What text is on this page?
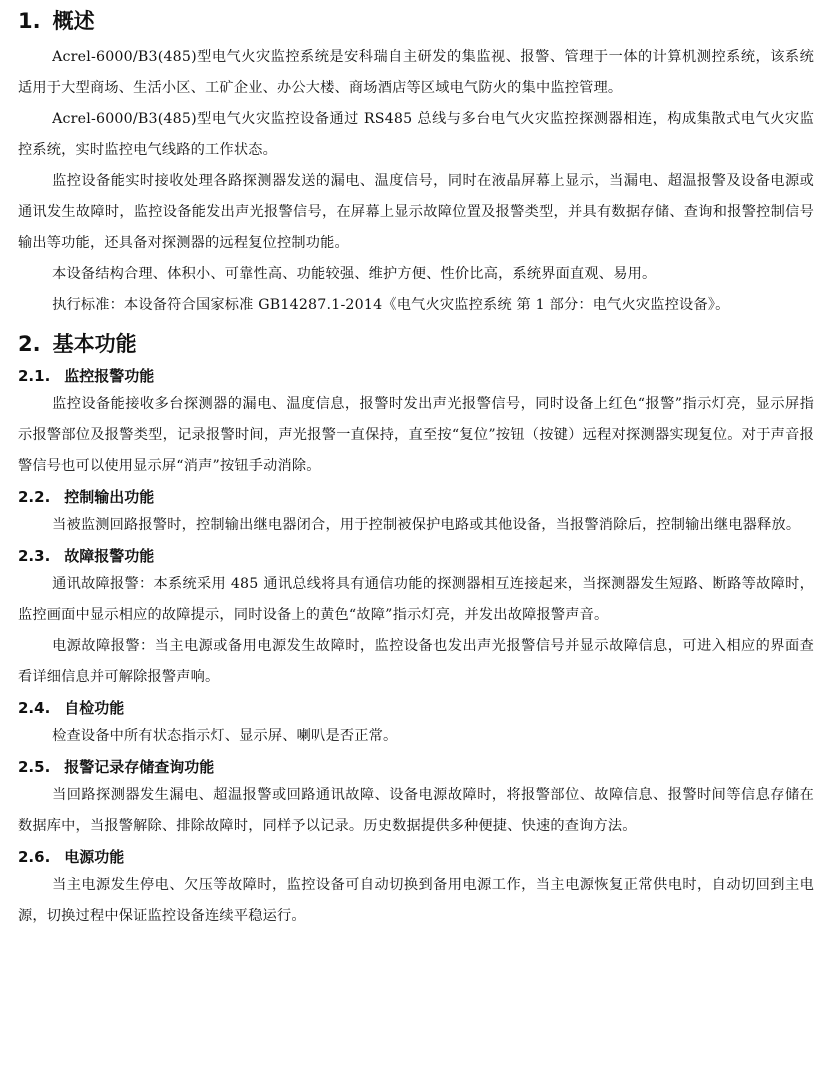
1. 概述

Acrel-6000/B3(485)型电气火灾监控系统是安科瑞自主研发的集监视、报警、管理于一体的计算机测控系统，该系统适用于大型商场、生活小区、工矿企业、办公大楼、商场酒店等区域电气防火的集中监控管理。

Acrel-6000/B3(485)型电气火灾监控设备通过 RS485 总线与多台电气火灾监控探测器相连，构成集散式电气火灾监控系统，实时监控电气线路的工作状态。

监控设备能实时接收处理各路探测器发送的漏电、温度信号，同时在液晶屏幕上显示，当漏电、超温报警及设备电源或通讯发生故障时，监控设备能发出声光报警信号，在屏幕上显示故障位置及报警类型，并具有数据存储、查询和报警控制信号输出等功能，还具备对探测器的远程复位控制功能。

本设备结构合理、体积小、可靠性高、功能较强、维护方便、性价比高，系统界面直观、易用。

执行标准：本设备符合国家标准 GB14287.1-2014《电气火灾监控系统 第 1 部分：电气火灾监控设备》。

2. 基本功能
2.1. 监控报警功能

监控设备能接收多台探测器的漏电、温度信息，报警时发出声光报警信号，同时设备上红色“报警”指示灯亮，显示屏指示报警部位及报警类型，记录报警时间，声光报警一直保持，直至按“复位”按钮（按键）远程对探测器实现复位。对于声音报警信号也可以使用显示屏“消声”按钮手动消除。

2.2. 控制输出功能

当被监测回路报警时，控制输出继电器闭合，用于控制被保护电路或其他设备，当报警消除后，控制输出继电器释放。

2.3. 故障报警功能

通讯故障报警：本系统采用 485 通讯总线将具有通信功能的探测器相互连接起来，当探测器发生短路、断路等故障时，监控画面中显示相应的故障提示，同时设备上的黄色“故障”指示灯亮，并发出故障报警声音。

电源故障报警：当主电源或备用电源发生故障时，监控设备也发出声光报警信号并显示故障信息，可进入相应的界面查看详细信息并可解除报警声响。

2.4. 自检功能

检查设备中所有状态指示灯、显示屏、喇叭是否正常。

2.5. 报警记录存储查询功能

当回路探测器发生漏电、超温报警或回路通讯故障、设备电源故障时，将报警部位、故障信息、报警时间等信息存储在数据库中，当报警解除、排除故障时，同样予以记录。历史数据提供多种便捷、快速的查询方法。

2.6. 电源功能

当主电源发生停电、欠压等故障时，监控设备可自动切换到备用电源工作，当主电源恢复正常供电时，自动切回到主电源，切换过程中保证监控设备连续平稳运行。
